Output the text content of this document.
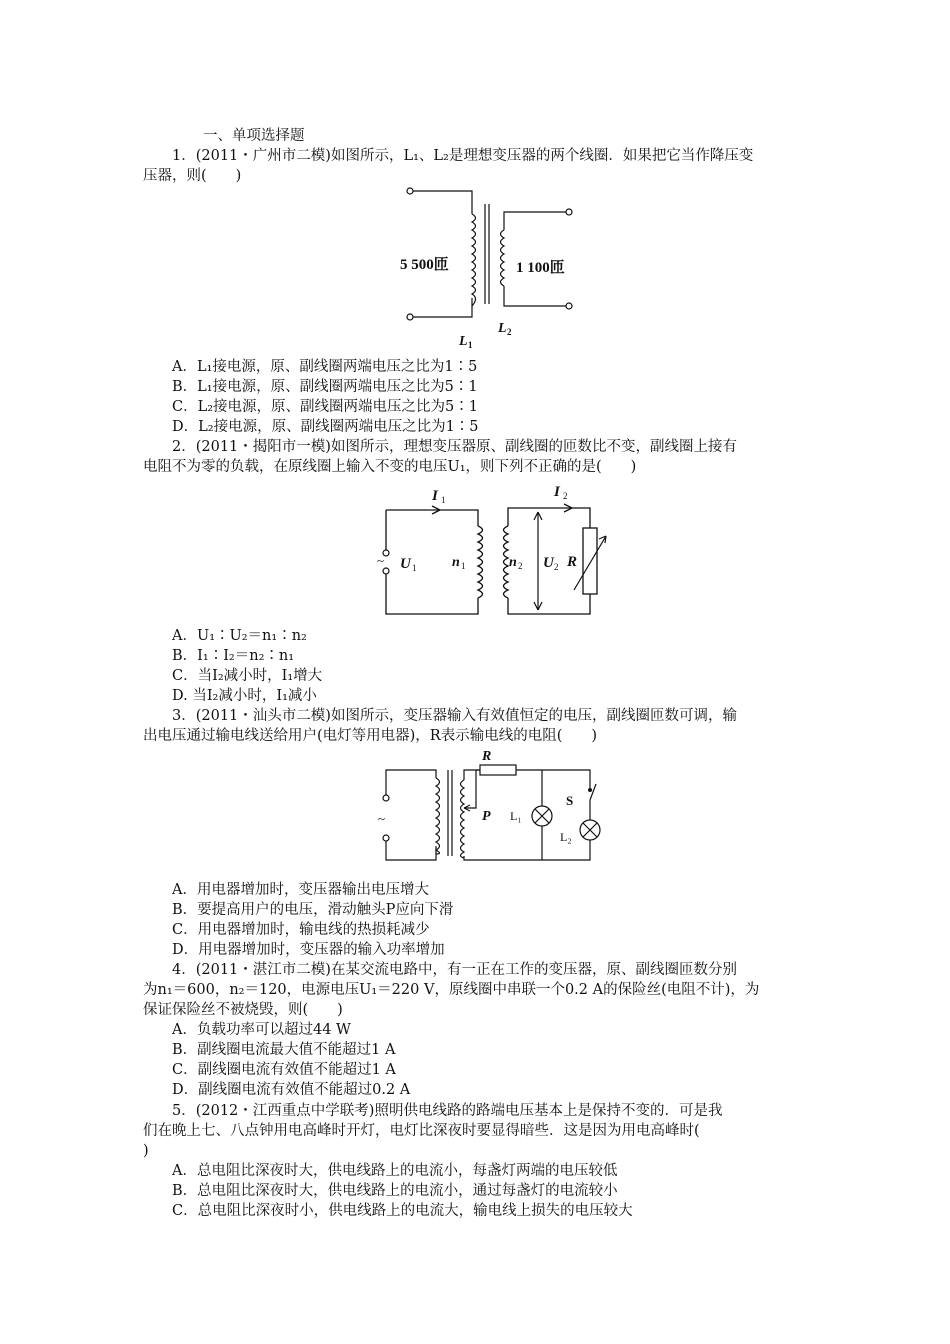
一、单项选择题
1．(2011・广州市二模)如图所示，L₁、L₂是理想变压器的两个线圈．如果把它当作降压变
压器，则(　　)
5 500匝	1 100匝
L 2
L 1
A．L₁接电源，原、副线圈两端电压之比为1∶5
B．L₁接电源，原、副线圈两端电压之比为5∶1
C．L₂接电源，原、副线圈两端电压之比为5∶1
D．L₂接电源，原、副线圈两端电压之比为1∶5
2．(2011・揭阳市一模)如图所示，理想变压器原、副线圈的匝数比不变，副线圈上接有
电阻不为零的负载，在原线圈上输入不变的电压U₁，则下列不正确的是(　　)
I 1	I 2
~ U 1	n 1	n 2 U 2 R
A．U₁∶U₂＝n₁∶n₂
B．I₁∶I₂＝n₂∶n₁
C．当I₂减小时，I₁增大
D. 当I₂减小时，I₁减小
3．(2011・汕头市二模)如图所示，变压器输入有效值恒定的电压，副线圈匝数可调，输
出电压通过输电线送给用户(电灯等用电器)，R表示输电线的电阻(　　)
R
P
S
L₁
L₂
~
A．用电器增加时，变压器输出电压增大
B．要提高用户的电压，滑动触头P应向下滑
C．用电器增加时，输电线的热损耗减少
D．用电器增加时，变压器的输入功率增加
4．(2011・湛江市二模)在某交流电路中，有一正在工作的变压器，原、副线圈匝数分别
为n₁＝600，n₂＝120，电源电压U₁＝220 V，原线圈中串联一个0.2 A的保险丝(电阻不计)，为
保证保险丝不被烧毁，则(　　)
A．负载功率可以超过44 W
B．副线圈电流最大值不能超过1 A
C．副线圈电流有效值不能超过1 A
D．副线圈电流有效值不能超过0.2 A
5．(2012・江西重点中学联考)照明供电线路的路端电压基本上是保持不变的．可是我
们在晚上七、八点钟用电高峰时开灯，电灯比深夜时要显得暗些．这是因为用电高峰时(
)
A．总电阻比深夜时大，供电线路上的电流小，每盏灯两端的电压较低
B．总电阻比深夜时大，供电线路上的电流小，通过每盏灯的电流较小
C．总电阻比深夜时小，供电线路上的电流大，输电线上损失的电压较大
